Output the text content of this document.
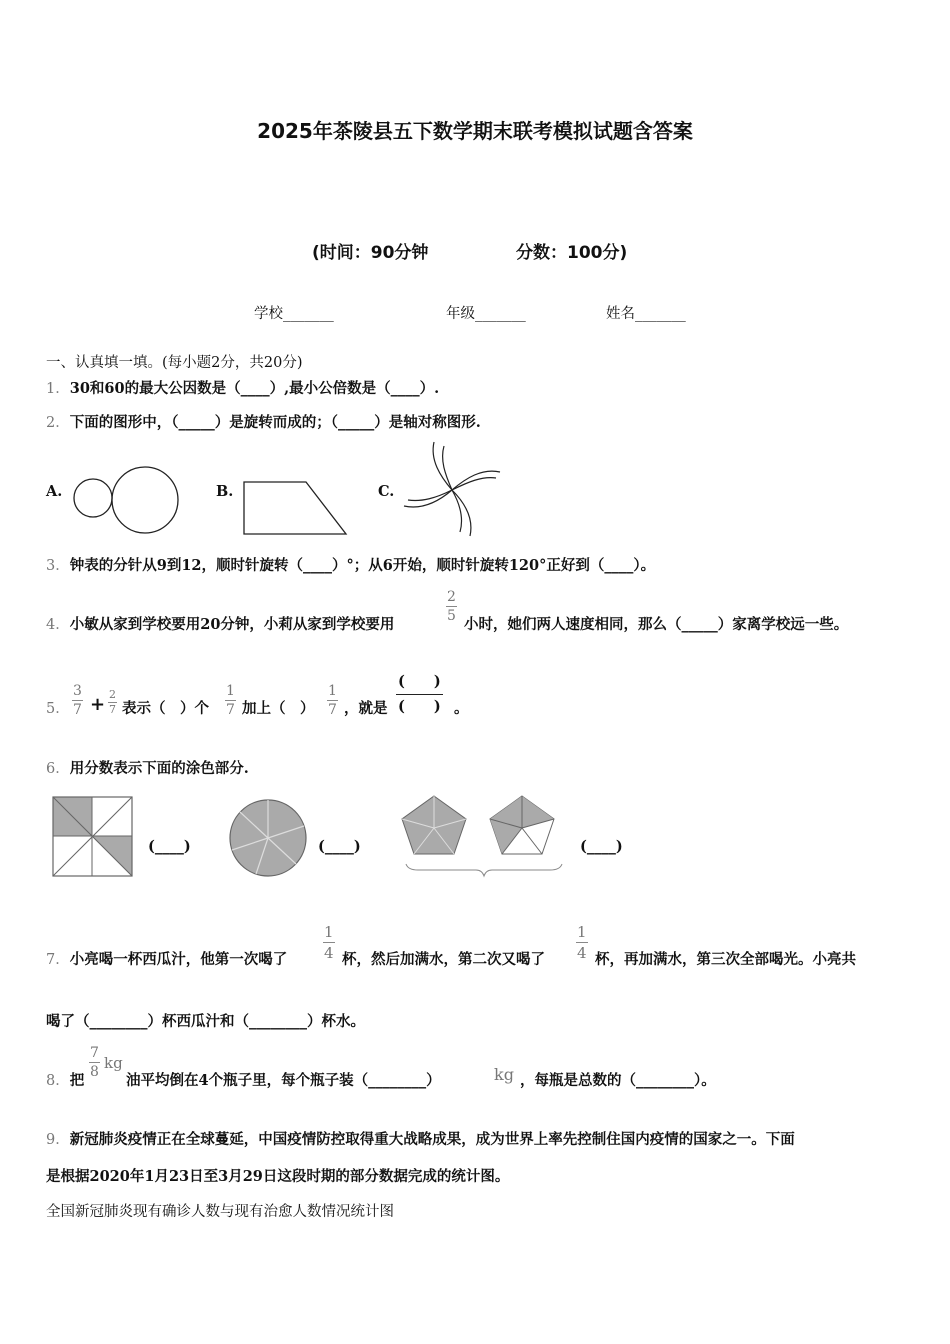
2025年茶陵县五下数学期末联考模拟试题含答案
(时间：90分钟	分数：100分)
学校_______	年级_______	姓名_______
一、认真填一填。(每小题2分，共20分)
1．30和60的最大公因数是（____）,最小公倍数是（____）.
2．下面的图形中，（_____）是旋转而成的；（_____）是轴对称图形.
A.	B.	C.
3．钟表的分针从9到12，顺时针旋转（____）°；从6开始，顺时针旋转120°正好到（____）。
4．小敏从家到学校要用20分钟，小莉从家到学校要用	$\frac{2}{5}$ 小时，她们两人速度相同，那么（_____）家离学校远一些。
5． $\frac{3}{7} + \frac{2}{7}$ 表示（　）个 $\frac{1}{7}$ 加上（　） $\frac{1}{7}$ ，就是
(　　)
(　　) 。
6．用分数表示下面的涂色部分.
(____)	(____)	(____)
7．小亮喝一杯西瓜汁，他第一次喝了 $\frac{1}{4}$ 杯，然后加满水，第二次又喝了 $\frac{1}{4}$ 杯，再加满水，第三次全部喝光。小亮共
喝了（________）杯西瓜汁和（________）杯水。
8．把 $\frac{7}{8}$ kg
油平均倒在4个瓶子里，每个瓶子装（________）	kg ，每瓶是总数的（________）。
9．新冠肺炎疫情正在全球蔓延，中国疫情防控取得重大战略成果，成为世界上率先控制住国内疫情的国家之一。下面
是根据2020年1月23日至3月29日这段时期的部分数据完成的统计图。
全国新冠肺炎现有确诊人数与现有治愈人数情况统计图
